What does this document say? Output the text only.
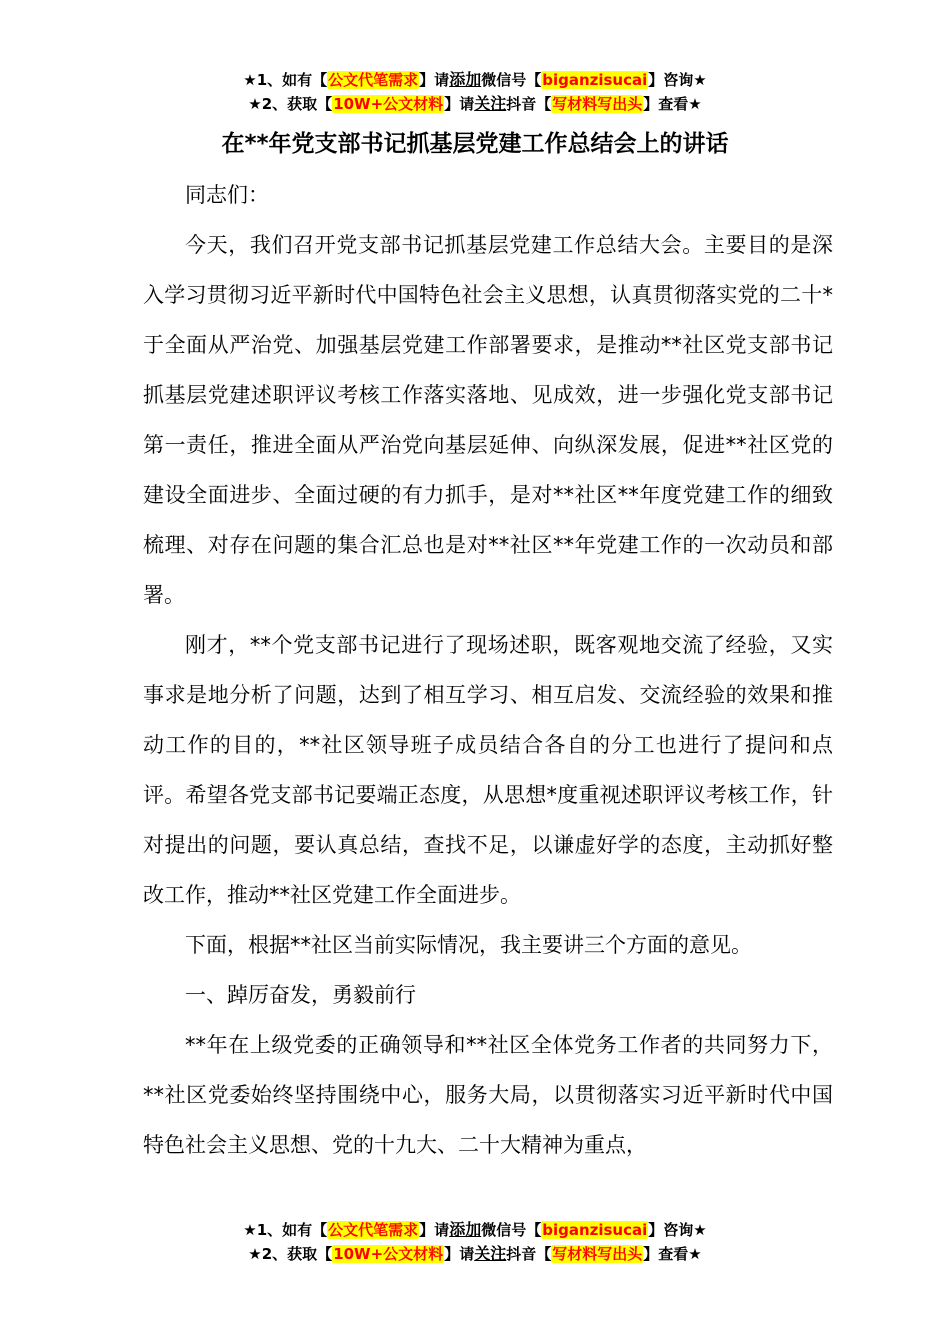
★1、如有【公文代笔需求】请添加微信号【biganzisucai】咨询★
★2、获取【10W+公文材料】请关注抖音【写材料写出头】查看★
在**年党支部书记抓基层党建工作总结会上的讲话

同志们：

今天，我们召开党支部书记抓基层党建工作总结大会。主要目的是深入学习贯彻习近平新时代中国特色社会主义思想，认真贯彻落实党的二十*于全面从严治党、加强基层党建工作部署要求，是推动**社区党支部书记抓基层党建述职评议考核工作落实落地、见成效，进一步强化党支部书记第一责任，推进全面从严治党向基层延伸、向纵深发展，促进**社区党的建设全面进步、全面过硬的有力抓手，是对**社区**年度党建工作的细致梳理、对存在问题的集合汇总也是对**社区**年党建工作的一次动员和部署。

刚才，**个党支部书记进行了现场述职，既客观地交流了经验，又实事求是地分析了问题，达到了相互学习、相互启发、交流经验的效果和推动工作的目的，**社区领导班子成员结合各自的分工也进行了提问和点评。希望各党支部书记要端正态度，从思想*度重视述职评议考核工作，针对提出的问题，要认真总结，查找不足，以谦虚好学的态度，主动抓好整改工作，推动**社区党建工作全面进步。

下面，根据**社区当前实际情况，我主要讲三个方面的意见。

一、踔厉奋发，勇毅前行

**年在上级党委的正确领导和**社区全体党务工作者的共同努力下，**社区党委始终坚持围绕中心，服务大局，以贯彻落实习近平新时代中国特色社会主义思想、党的十九大、二十大精神为重点，

★1、如有【公文代笔需求】请添加微信号【biganzisucai】咨询★
★2、获取【10W+公文材料】请关注抖音【写材料写出头】查看★
